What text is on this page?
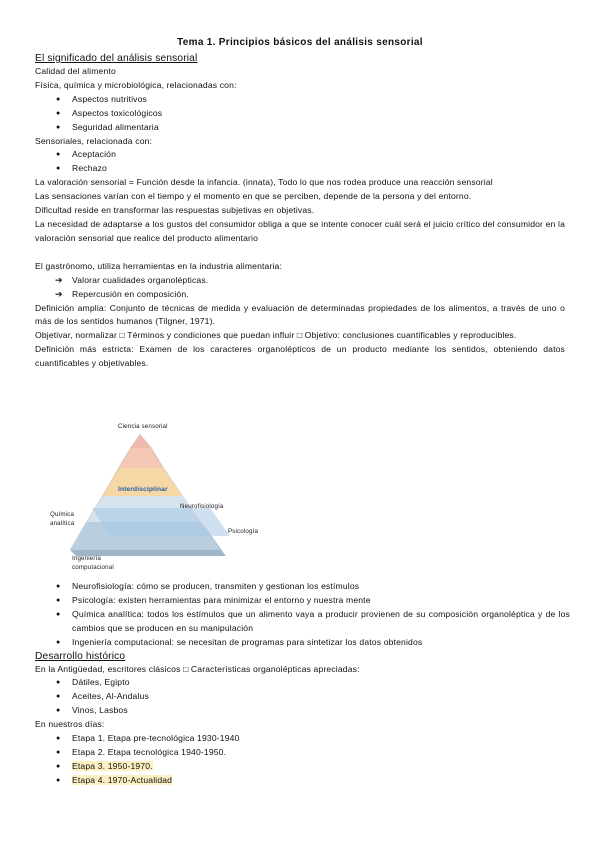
Tema 1. Principios básicos del análisis sensorial
El significado del análisis sensorial
Calidad del alimento
Física, química y microbiológica, relacionadas con:
● Aspectos nutritivos
● Aspectos toxicológicos
● Seguridad alimentaria
Sensoriales, relacionada con:
● Aceptación
● Rechazo
La valoración sensorial = Función desde la infancia. (innata), Todo lo que nos rodea produce una reacción sensorial
Las sensaciones varían con el tiempo y el momento en que se perciben, depende de la persona y del entorno.
Dificultad reside en transformar las respuestas subjetivas en objetivas.
La necesidad de adaptarse a los gustos del consumidor obliga a que se intente conocer cuál será el juicio crítico del consumidor en la valoración sensorial que realice del producto alimentario
El gastrónomo, utiliza herramientas en la industria alimentaria:
➔ Valorar cualidades organolépticas.
➔ Repercusión en composición.
Definición amplia: Conjunto de técnicas de medida y evaluación de determinadas propiedades de los alimentos, a través de uno o más de los sentidos humanos (Tilgner, 1971).
Objetivar, normalizar □ Términos y condiciones que puedan influir □ Objetivo: conclusiones cuantificables y reproducibles.
Definición más estricta: Examen de los caracteres organolépticos de un producto mediante los sentidos, obteniendo datos cuantificables y objetivables.
Ciencia sensorial
Interdisciplinar
Neurofisiología
Química
analítica
Psicología
Ingeniería
computacional
● Neurofisiología: cómo se producen, transmiten y gestionan los estímulos
● Psicología: existen herramientas para minimizar el entorno y nuestra mente
● Química analítica: todos los estímulos que un alimento vaya a producir provienen de su composición organoléptica y de los cambios que se producen en su manipulación
● Ingeniería computacional: se necesitan de programas para sintetizar los datos obtenidos
Desarrollo histórico
En la Antigüedad, escritores clásicos □ Características organolépticas apreciadas:
● Dátiles, Egipto
● Aceites, Al-Andalus
● Vinos, Lasbos
En nuestros días:
● Etapa 1. Etapa pre-tecnológica 1930-1940
● Etapa 2. Etapa tecnológica 1940-1950.
● Etapa 3. 1950-1970.
● Etapa 4. 1970-Actualidad
